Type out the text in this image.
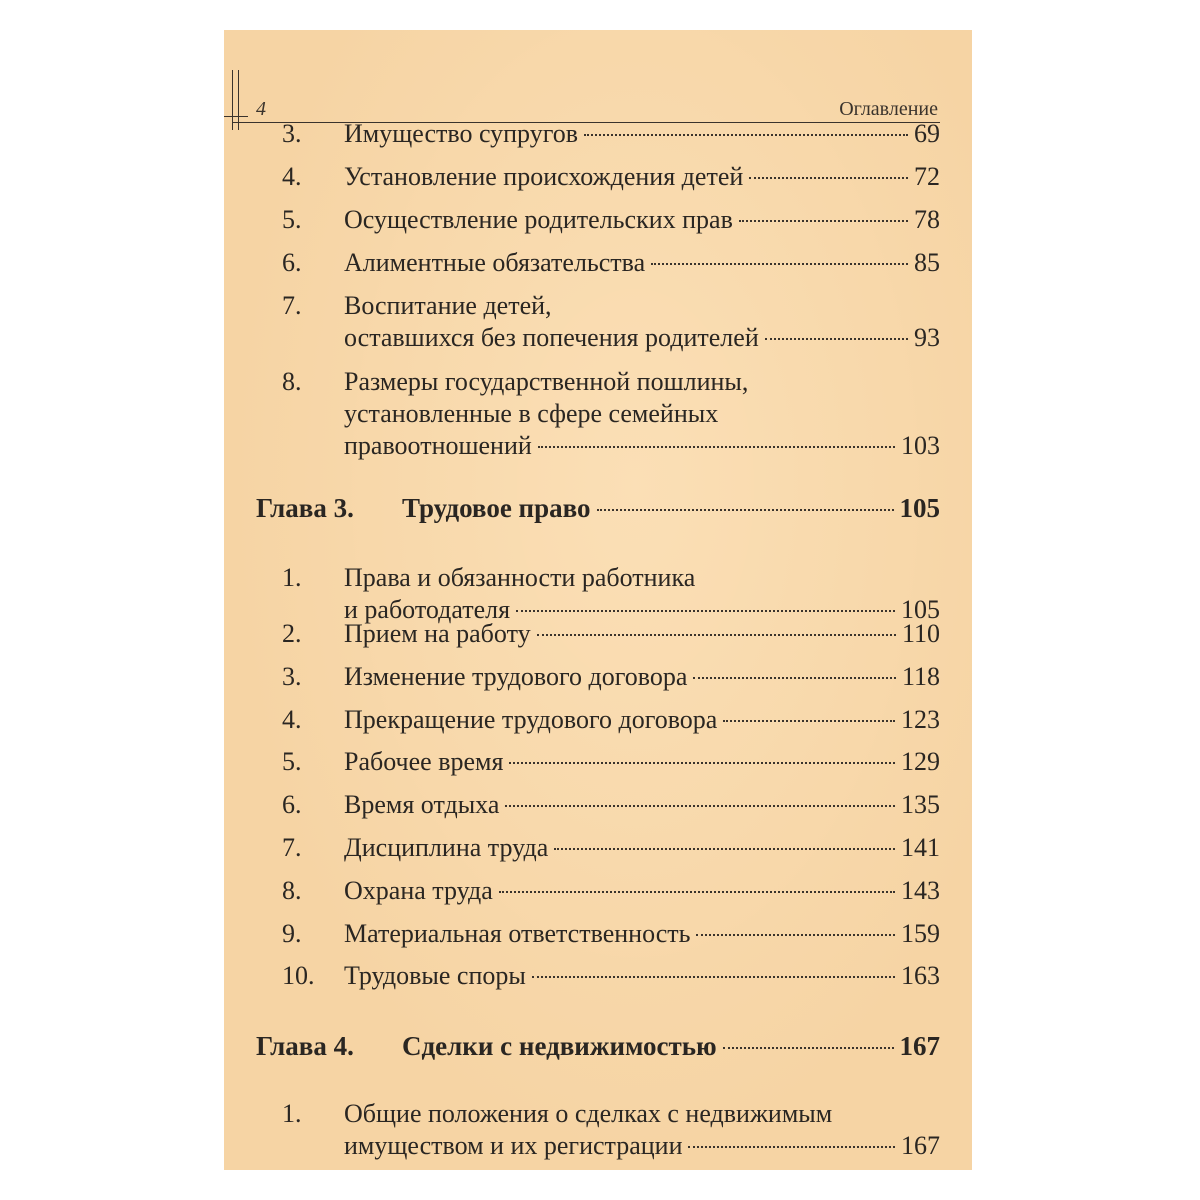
4	Оглавление
3. Имущество супругов	69
4. Установление происхождения детей	72
5. Осуществление родительских прав	78
6. Алиментные обязательства	85
7. Воспитание детей,
оставшихся без попечения родителей	93
8. Размеры государственной пошлины,
установленные в сфере семейных
правоотношений	103
Глава 3. Трудовое право	105
1. Права и обязанности работника
и работодателя	105
2. Прием на работу	110
3. Изменение трудового договора	118
4. Прекращение трудового договора	123
5. Рабочее время	129
6. Время отдыха	135
7. Дисциплина труда	141
8. Охрана труда	143
9. Материальная ответственность	159
10. Трудовые споры	163
Глава 4. Сделки с недвижимостью	167
1. Общие положения о сделках с недвижимым
имуществом и их регистрации	167
